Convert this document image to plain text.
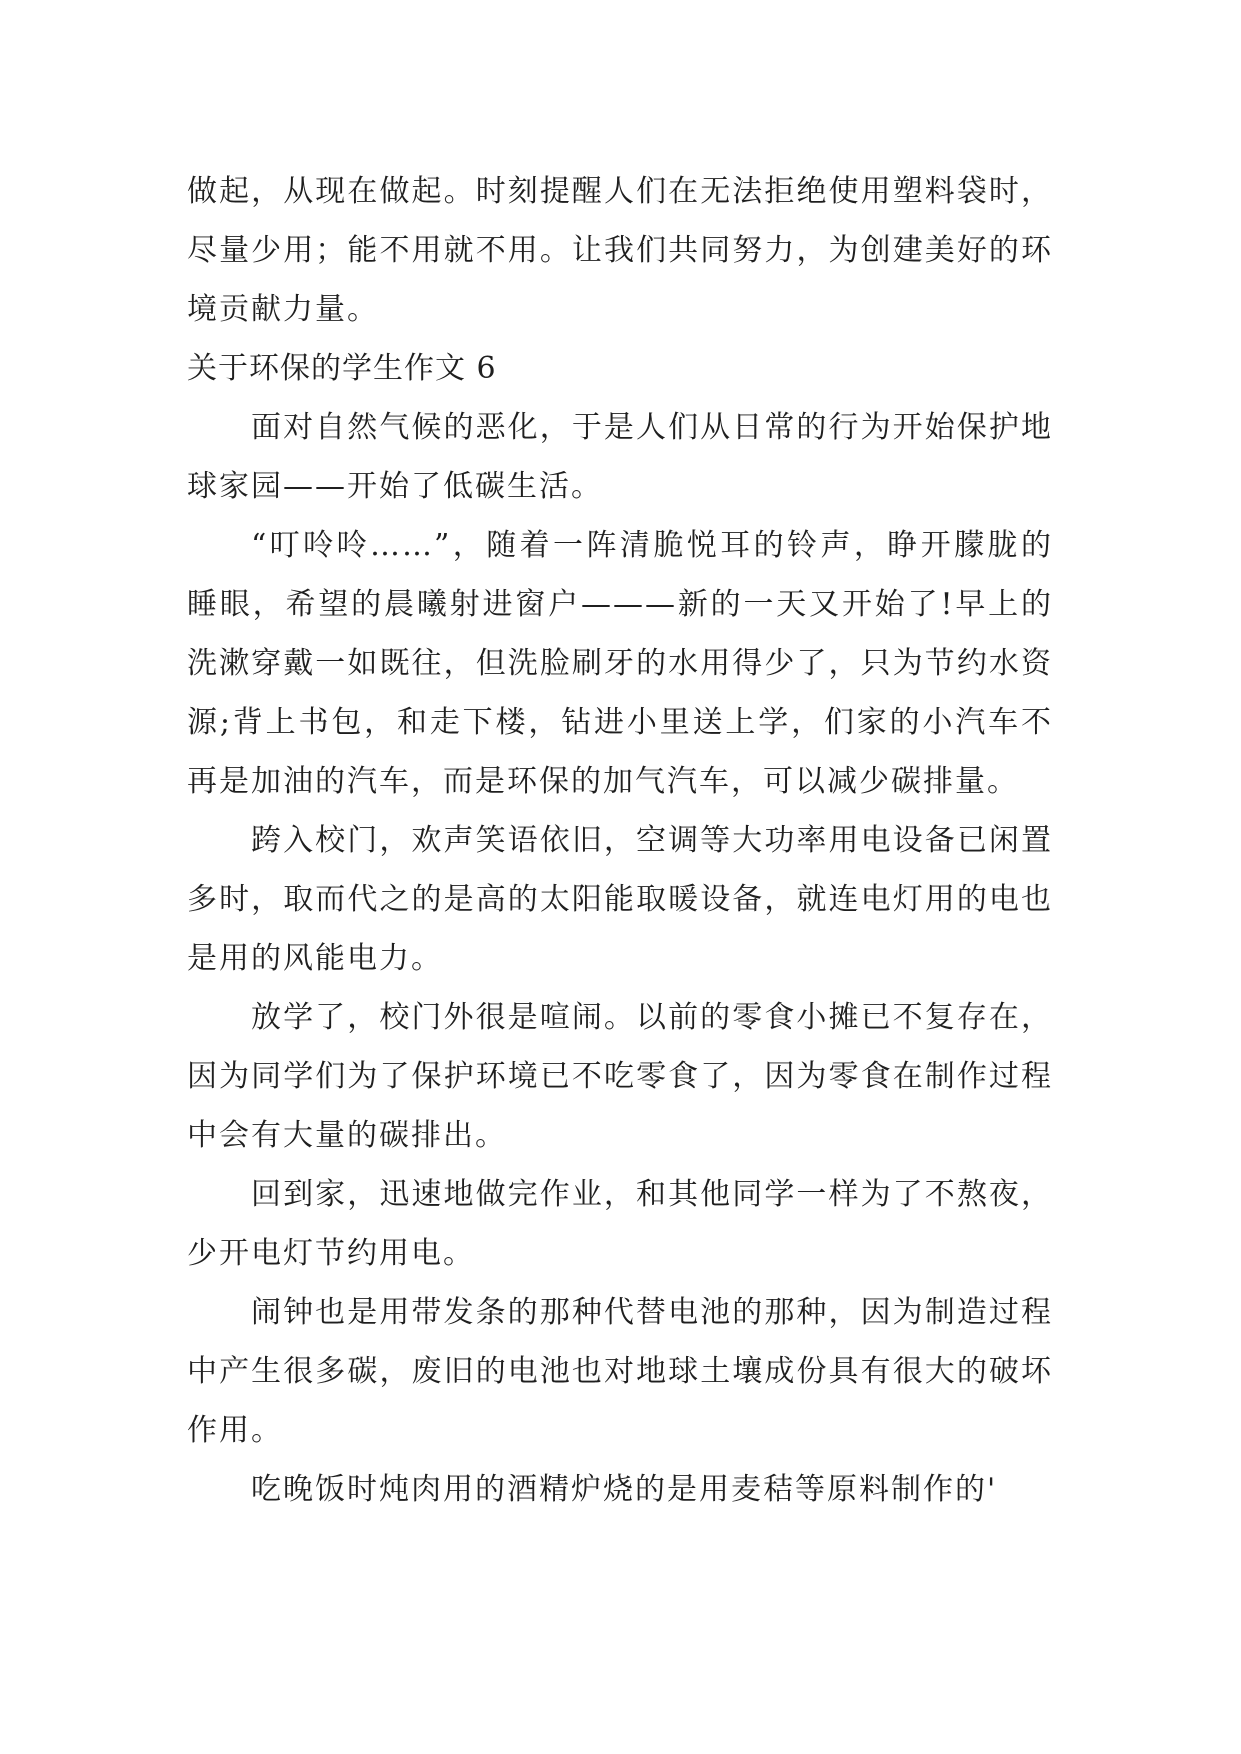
做起，从现在做起。时刻提醒人们在无法拒绝使用塑料袋时，尽量少用；能不用就不用。让我们共同努力，为创建美好的环境贡献力量。

关于环保的学生作文 6

面对自然气候的恶化，于是人们从日常的行为开始保护地球家园——开始了低碳生活。

“叮呤呤……”，随着一阵清脆悦耳的铃声，睁开朦胧的睡眼，希望的晨曦射进窗户———新的一天又开始了!早上的洗漱穿戴一如既往，但洗脸刷牙的水用得少了，只为节约水资源;背上书包，和走下楼，钻进小里送上学，们家的小汽车不再是加油的汽车，而是环保的加气汽车，可以减少碳排量。

跨入校门，欢声笑语依旧，空调等大功率用电设备已闲置多时，取而代之的是高的太阳能取暖设备，就连电灯用的电也是用的风能电力。

放学了，校门外很是喧闹。以前的零食小摊已不复存在，因为同学们为了保护环境已不吃零食了，因为零食在制作过程中会有大量的碳排出。

回到家，迅速地做完作业，和其他同学一样为了不熬夜，少开电灯节约用电。

闹钟也是用带发条的那种代替电池的那种，因为制造过程中产生很多碳，废旧的电池也对地球土壤成份具有很大的破坏作用。

吃晚饭时炖肉用的酒精炉烧的是用麦秸等原料制作的'
